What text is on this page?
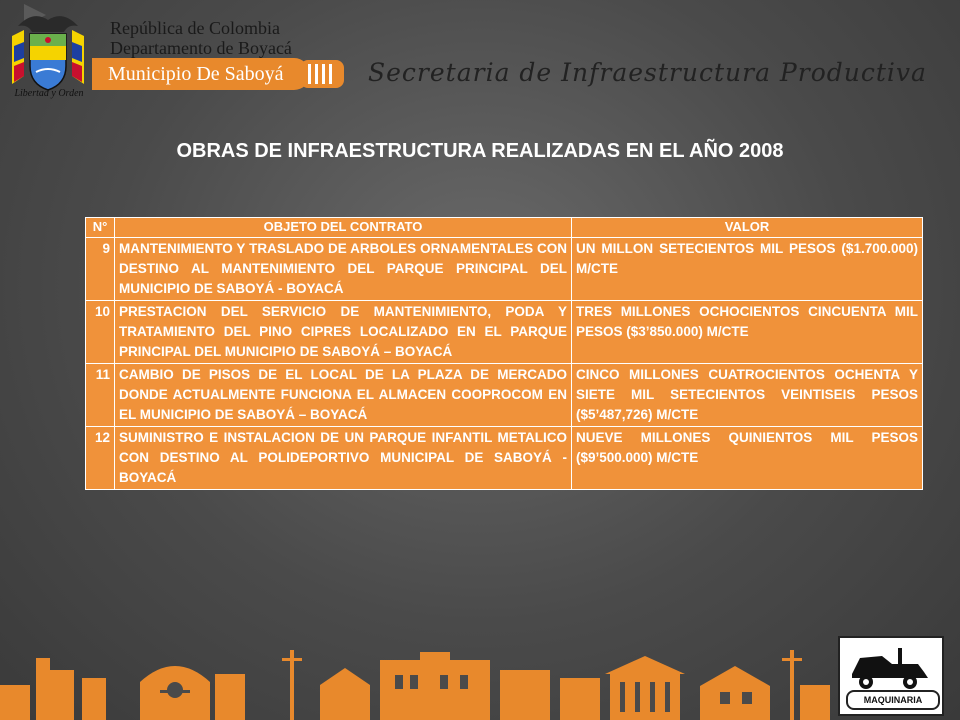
Libertad y Orden
República de Colombia
Departamento de Boyacá
Municipio De Saboyá	Secretaria de Infraestructura Productiva
OBRAS DE INFRAESTRUCTURA REALIZADAS EN EL AÑO 2008
N°	OBJETO DEL CONTRATO	VALOR
9	MANTENIMIENTO Y TRASLADO DE ARBOLES ORNAMENTALES CON DESTINO AL MANTENIMIENTO DEL PARQUE PRINCIPAL DEL MUNICIPIO DE SABOYÁ - BOYACÁ	UN MILLON SETECIENTOS MIL PESOS ($1.700.000) M/CTE
10	PRESTACION DEL SERVICIO DE MANTENIMIENTO, PODA Y TRATAMIENTO DEL PINO CIPRES LOCALIZADO EN EL PARQUE PRINCIPAL DEL MUNICIPIO DE SABOYÁ – BOYACÁ	TRES MILLONES OCHOCIENTOS CINCUENTA MIL PESOS ($3’850.000) M/CTE
11	CAMBIO DE PISOS DE EL LOCAL DE LA PLAZA DE MERCADO DONDE ACTUALMENTE FUNCIONA EL ALMACEN COOPROCOM EN EL MUNICIPIO DE SABOYÁ – BOYACÁ	CINCO MILLONES CUATROCIENTOS OCHENTA Y SIETE MIL SETECIENTOS VEINTISEIS PESOS ($5’487,726) M/CTE
12	SUMINISTRO E INSTALACION DE UN PARQUE INFANTIL METALICO CON DESTINO AL POLIDEPORTIVO MUNICIPAL DE SABOYÁ - BOYACÁ	NUEVE MILLONES QUINIENTOS MIL PESOS ($9’500.000) M/CTE
MAQUINARIA
